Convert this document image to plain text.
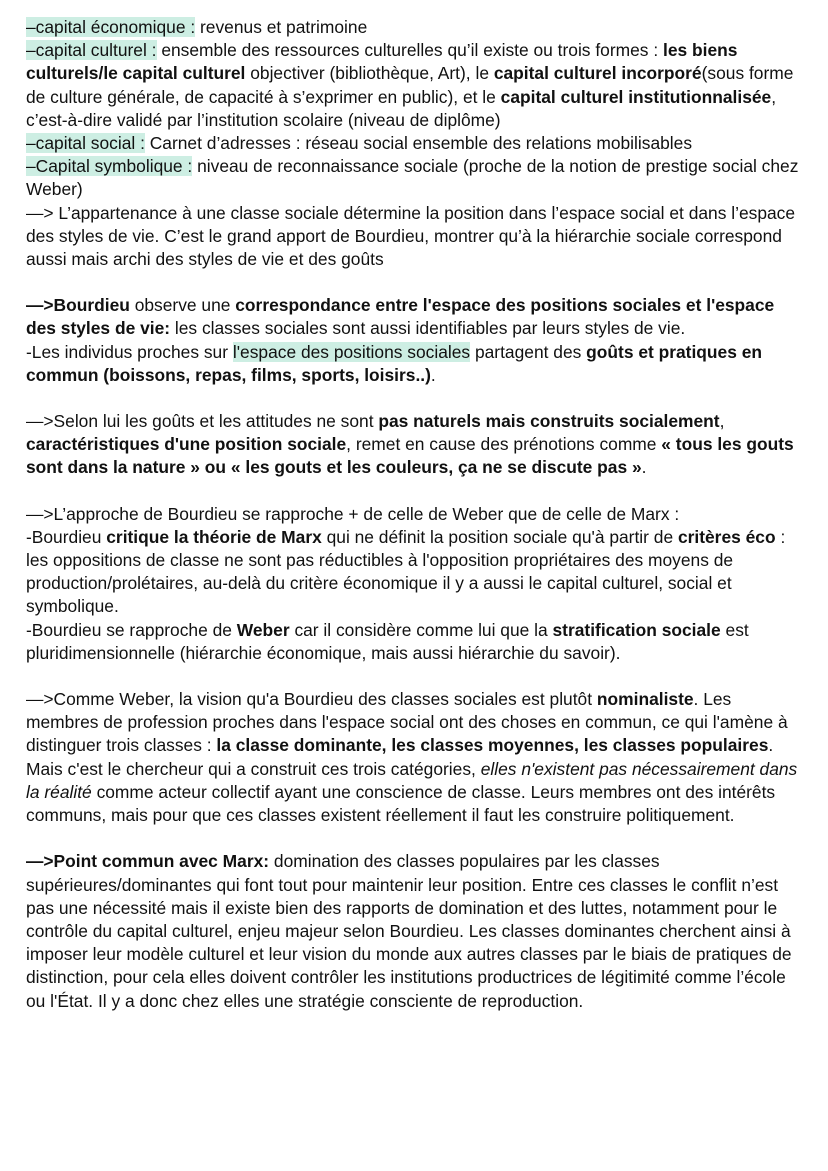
–capital économique : revenus et patrimoine

–capital culturel : ensemble des ressources culturelles qu’il existe ou trois formes : les biens culturels/le capital culturel objectiver (bibliothèque, Art), le capital culturel incorporé(sous forme de culture générale, de capacité à s’exprimer en public), et le capital culturel institutionnalisée, c’est-à-dire validé par l’institution scolaire (niveau de diplôme)

–capital social : Carnet d’adresses : réseau social ensemble des relations mobilisables

–Capital symbolique : niveau de reconnaissance sociale (proche de la notion de prestige social chez Weber)

—> L’appartenance à une classe sociale détermine la position dans l’espace social et dans l’espace des styles de vie. C’est le grand apport de Bourdieu, montrer qu’à la hiérarchie sociale correspond aussi mais archi des styles de vie et des goûts

—>Bourdieu observe une correspondance entre l'espace des positions sociales et l'espace des styles de vie: les classes sociales sont aussi identifiables par leurs styles de vie.

-Les individus proches sur l'espace des positions sociales partagent des goûts et pratiques en commun (boissons, repas, films, sports, loisirs..).

—>Selon lui les goûts et les attitudes ne sont pas naturels mais construits socialement, caractéristiques d'une position sociale, remet en cause des prénotions comme « tous les gouts sont dans la nature » ou « les gouts et les couleurs, ça ne se discute pas ».

—>L’approche de Bourdieu se rapproche + de celle de Weber que de celle de Marx :

-Bourdieu critique la théorie de Marx qui ne définit la position sociale qu'à partir de critères éco : les oppositions de classe ne sont pas réductibles à l'opposition propriétaires des moyens de production/prolétaires, au-delà du critère économique il y a aussi le capital culturel, social et symbolique.

-Bourdieu se rapproche de Weber car il considère comme lui que la stratification sociale est pluridimensionnelle (hiérarchie économique, mais aussi hiérarchie du savoir).

—>Comme Weber, la vision qu'a Bourdieu des classes sociales est plutôt nominaliste. Les membres de profession proches dans l'espace social ont des choses en commun, ce qui l'amène à distinguer trois classes : la classe dominante, les classes moyennes, les classes populaires. Mais c'est le chercheur qui a construit ces trois catégories, elles n'existent pas nécessairement dans la réalité comme acteur collectif ayant une conscience de classe. Leurs membres ont des intérêts communs, mais pour que ces classes existent réellement il faut les construire politiquement.

—>Point commun avec Marx: domination des classes populaires par les classes supérieures/dominantes qui font tout pour maintenir leur position. Entre ces classes le conflit n’est pas une nécessité mais il existe bien des rapports de domination et des luttes, notamment pour le contrôle du capital culturel, enjeu majeur selon Bourdieu. Les classes dominantes cherchent ainsi à imposer leur modèle culturel et leur vision du monde aux autres classes par le biais de pratiques de distinction, pour cela elles doivent contrôler les institutions productrices de légitimité comme l’école ou l'État. Il y a donc chez elles une stratégie consciente de reproduction.
